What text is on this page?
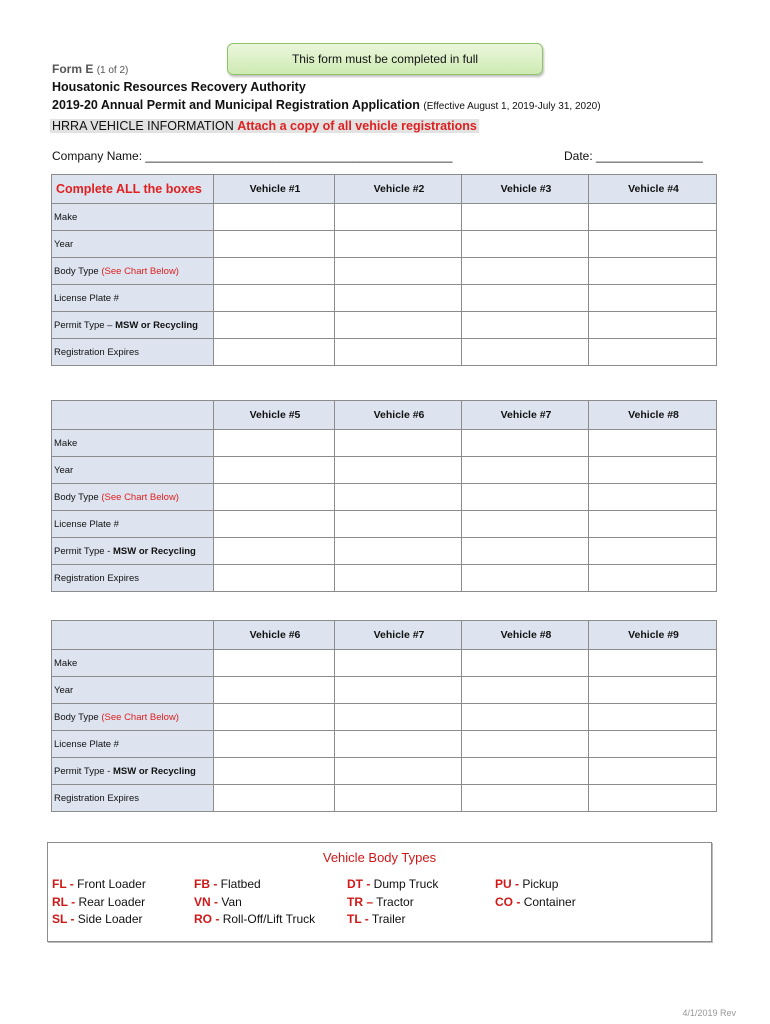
This form must be completed in full
Form E (1 of 2)
Housatonic Resources Recovery Authority
2019-20 Annual Permit and Municipal Registration Application (Effective August 1, 2019-July 31, 2020)
HRRA VEHICLE INFORMATION Attach a copy of all vehicle registrations
Company Name: ______________________________________________	Date: ________________
Complete ALL the boxes	Vehicle #1	Vehicle #2	Vehicle #3	Vehicle #4
Make				
Year				
Body Type (See Chart Below)				
License Plate #				
Permit Type – MSW or Recycling				
Registration Expires				
	Vehicle #5	Vehicle #6	Vehicle #7	Vehicle #8
Make				
Year				
Body Type (See Chart Below)				
License Plate #				
Permit Type - MSW or Recycling				
Registration Expires				
	Vehicle #6	Vehicle #7	Vehicle #8	Vehicle #9
Make				
Year				
Body Type (See Chart Below)				
License Plate #				
Permit Type - MSW or Recycling				
Registration Expires				
Vehicle Body Types
FL - Front Loader
RL - Rear Loader
SL - Side Loader
FB - Flatbed
VN - Van
RO - Roll-Off/Lift Truck
DT - Dump Truck
TR – Tractor
TL - Trailer
PU - Pickup
CO - Container
4/1/2019 Rev
